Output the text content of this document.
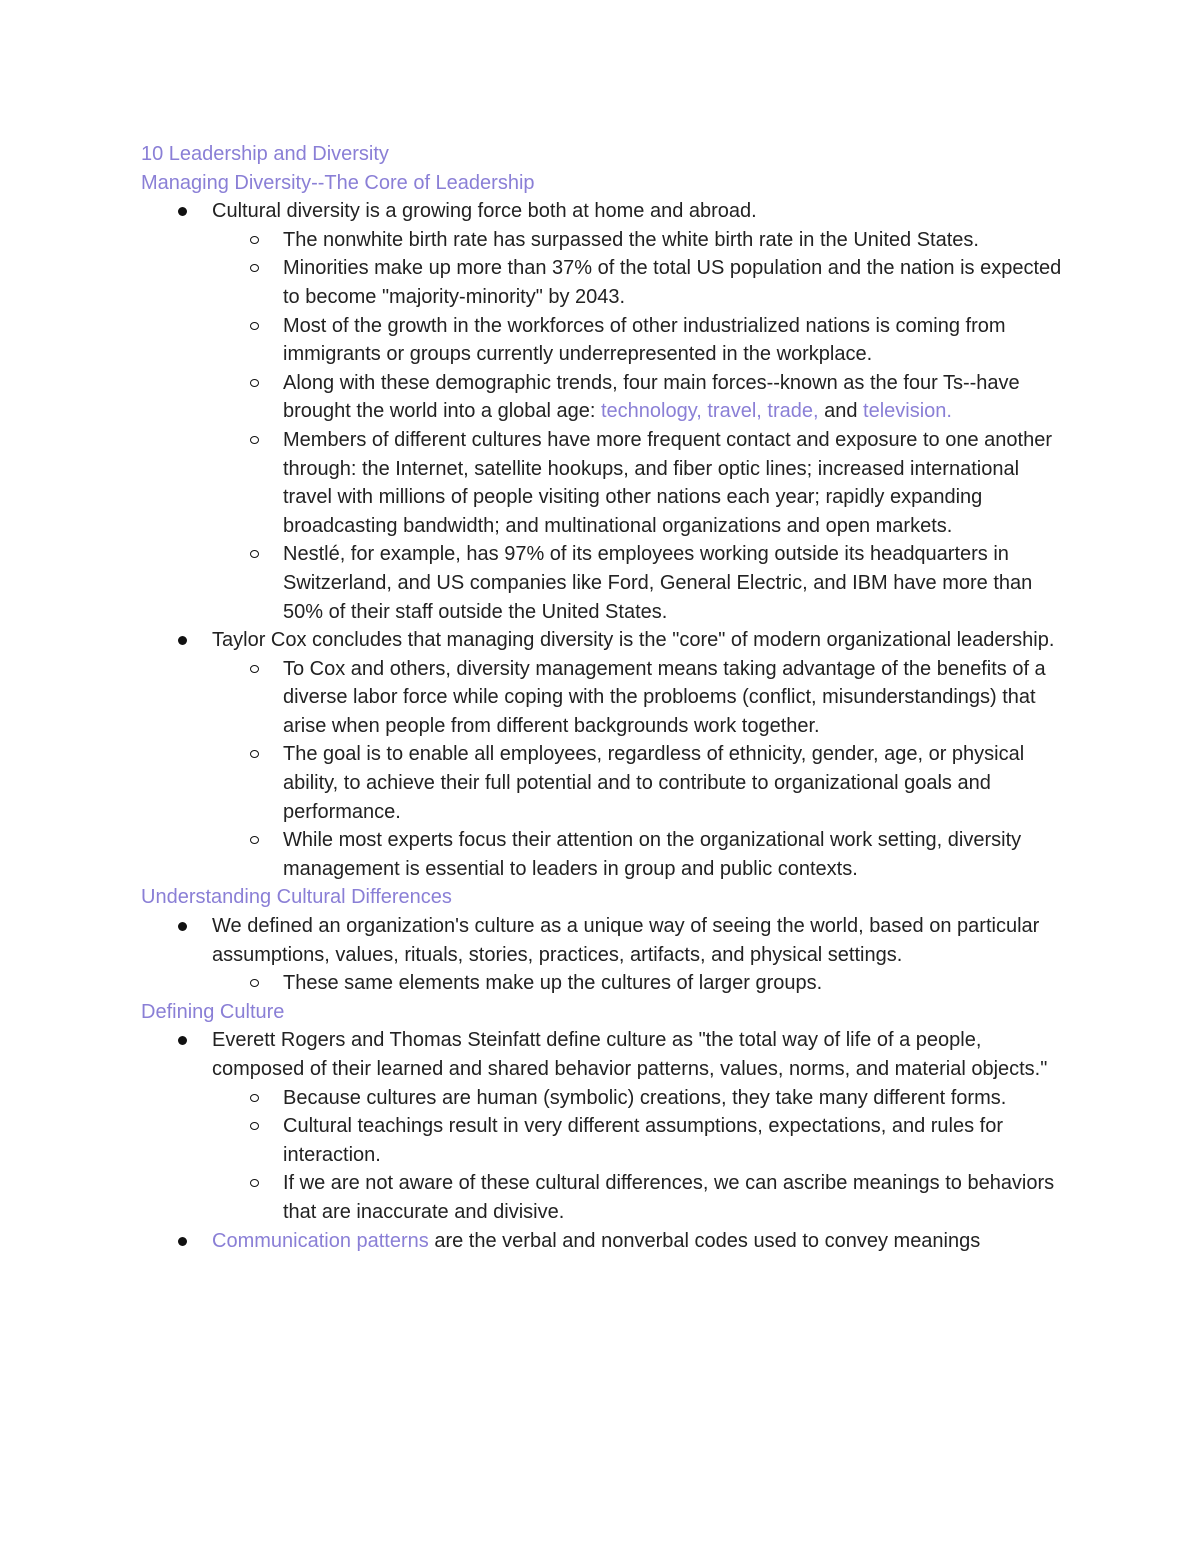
10 Leadership and Diversity
Managing Diversity--The Core of Leadership
Cultural diversity is a growing force both at home and abroad.
The nonwhite birth rate has surpassed the white birth rate in the United States.
Minorities make up more than 37% of the total US population and the nation is expected to become "majority-minority" by 2043.
Most of the growth in the workforces of other industrialized nations is coming from immigrants or groups currently underrepresented in the workplace.
Along with these demographic trends, four main forces--known as the four Ts--have brought the world into a global age: technology, travel, trade, and television.
Members of different cultures have more frequent contact and exposure to one another through: the Internet, satellite hookups, and fiber optic lines; increased international travel with millions of people visiting other nations each year; rapidly expanding broadcasting bandwidth; and multinational organizations and open markets.
Nestlé, for example, has 97% of its employees working outside its headquarters in Switzerland, and US companies like Ford, General Electric, and IBM have more than 50% of their staff outside the United States.
Taylor Cox concludes that managing diversity is the "core" of modern organizational leadership.
To Cox and others, diversity management means taking advantage of the benefits of a diverse labor force while coping with the probloems (conflict, misunderstandings) that arise when people from different backgrounds work together.
The goal is to enable all employees, regardless of ethnicity, gender, age, or physical ability, to achieve their full potential and to contribute to organizational goals and performance.
While most experts focus their attention on the organizational work setting, diversity management is essential to leaders in group and public contexts.
Understanding Cultural Differences
We defined an organization's culture as a unique way of seeing the world, based on particular assumptions, values, rituals, stories, practices, artifacts, and physical settings.
These same elements make up the cultures of larger groups.
Defining Culture
Everett Rogers and Thomas Steinfatt define culture as "the total way of life of a people, composed of their learned and shared behavior patterns, values, norms, and material objects."
Because cultures are human (symbolic) creations, they take many different forms.
Cultural teachings result in very different assumptions, expectations, and rules for interaction.
If we are not aware of these cultural differences, we can ascribe meanings to behaviors that are inaccurate and divisive.
Communication patterns are the verbal and nonverbal codes used to convey meanings
